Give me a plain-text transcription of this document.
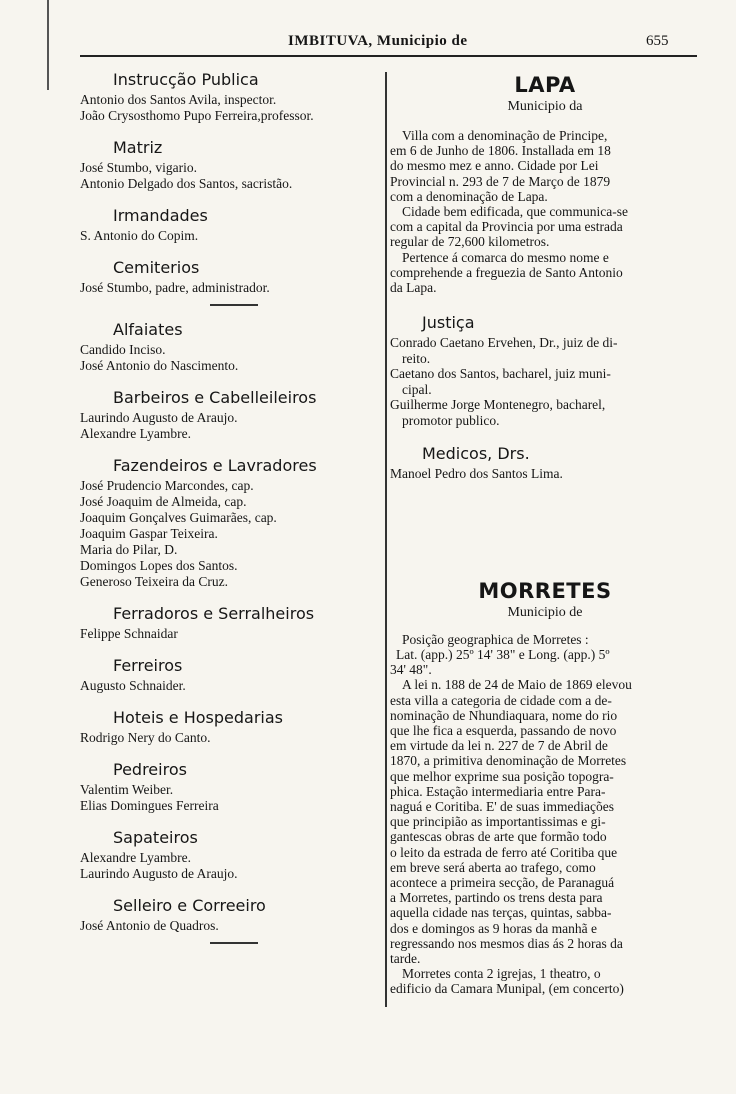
IMBITUVA, Municipio de	655
Instrucção Publica
Antonio dos Santos Avila, inspector.
João Crysosthomo Pupo Ferreira,professor.
Matriz
José Stumbo, vigario.
Antonio Delgado dos Santos, sacristão.
Irmandades
S. Antonio do Copim.
Cemiterios
José Stumbo, padre, administrador.
Alfaiates
Candido Inciso.
José Antonio do Nascimento.
Barbeiros e Cabelleileiros
Laurindo Augusto de Araujo.
Alexandre Lyambre.
Fazendeiros e Lavradores
José Prudencio Marcondes, cap.
José Joaquim de Almeida, cap.
Joaquim Gonçalves Guimarães, cap.
Joaquim Gaspar Teixeira.
Maria do Pilar, D.
Domingos Lopes dos Santos.
Generoso Teixeira da Cruz.
Ferradoros e Serralheiros
Felippe Schnaidar
Ferreiros
Augusto Schnaider.
Hoteis e Hospedarias
Rodrigo Nery do Canto.
Pedreiros
Valentim Weiber.
Elias Domingues Ferreira
Sapateiros
Alexandre Lyambre.
Laurindo Augusto de Araujo.
Selleiro e Correeiro
José Antonio de Quadros.
LAPA
Municipio da
Villa com a denominação de Principe,
em 6 de Junho de 1806. Installada em 18
do mesmo mez e anno. Cidade por Lei
Provincial n. 293 de 7 de Março de 1879
com a denominação de Lapa.
Cidade bem edificada, que communica-se
com a capital da Provincia por uma estrada
regular de 72,600 kilometros.
Pertence á comarca do mesmo nome e
comprehende a freguezia de Santo Antonio
da Lapa.
Justiça
Conrado Caetano Ervehen, Dr., juiz de di-
reito.
Caetano dos Santos, bacharel, juiz muni-
cipal.
Guilherme Jorge Montenegro, bacharel,
promotor publico.
Medicos, Drs.
Manoel Pedro dos Santos Lima.
MORRETES
Municipio de
Posição geographica de Morretes :
Lat. (app.) 25º 14' 38" e Long. (app.) 5º
34' 48".
A lei n. 188 de 24 de Maio de 1869 elevou
esta villa a categoria de cidade com a de-
nominação de Nhundiaquara, nome do rio
que lhe fica a esquerda, passando de novo
em virtude da lei n. 227 de 7 de Abril de
1870, a primitiva denominação de Morretes
que melhor exprime sua posição topogra-
phica. Estação intermediaria entre Para-
naguá e Coritiba. E' de suas immediações
que principião as importantissimas e gi-
gantescas obras de arte que formão todo
o leito da estrada de ferro até Coritiba que
em breve será aberta ao trafego, como
acontece a primeira secção, de Paranaguá
a Morretes, partindo os trens desta para
aquella cidade nas terças, quintas, sabba-
dos e domingos as 9 horas da manhã e
regressando nos mesmos dias ás 2 horas da
tarde.
Morretes conta 2 igrejas, 1 theatro, o
edificio da Camara Munipal, (em concerto)
